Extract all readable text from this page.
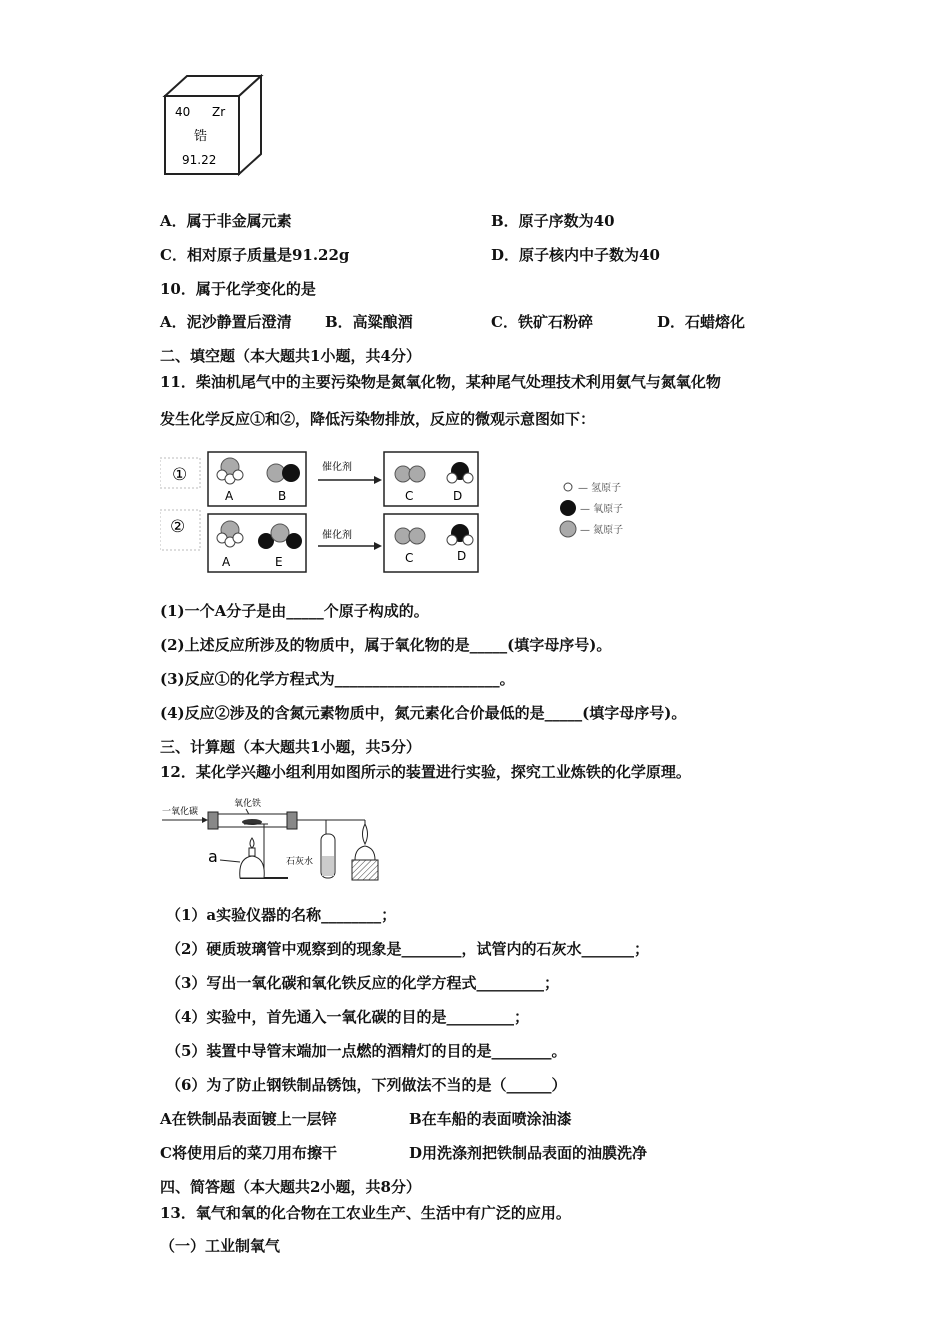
40 Zr
锆
91.22
A．属于非金属元素	B．原子序数为40
C．相对原子质量是91.22g	D．原子核内中子数为40
10．属于化学变化的是
A．泥沙静置后澄清 B．高粱酿酒	C．铁矿石粉碎	D．石蜡熔化
二、填空题（本大题共1小题，共4分）
11．柴油机尾气中的主要污染物是氮氧化物，某种尾气处理技术利用氨气与氮氧化物
发生化学反应①和②，降低污染物排放，反应的微观示意图如下：
①
②
A	B
催化剂
C	D
A	E
催化剂
C	D
— 氢原子
— 氧原子
— 氮原子
(1)一个A分子是由_____个原子构成的。
(2)上述反应所涉及的物质中，属于氧化物的是_____(填字母序号)。
(3)反应①的化学方程式为______________________。
(4)反应②涉及的含氮元素物质中，氮元素化合价最低的是_____(填字母序号)。
三、计算题（本大题共1小题，共5分）
12．某化学兴趣小组利用如图所示的装置进行实验，探究工业炼铁的化学原理。
一氧化碳
氧化铁
石灰水
a
（1）a实验仪器的名称________；
（2）硬质玻璃管中观察到的现象是________，试管内的石灰水_______；
（3）写出一氧化碳和氧化铁反应的化学方程式_________；
（4）实验中，首先通入一氧化碳的目的是_________；
（5）装置中导管末端加一点燃的酒精灯的目的是________。
（6）为了防止钢铁制品锈蚀，下列做法不当的是（______）
A在铁制品表面镀上一层锌	B在车船的表面喷涂油漆
C将使用后的菜刀用布擦干	D用洗涤剂把铁制品表面的油膜洗净
四、简答题（本大题共2小题，共8分）
13．氧气和氧的化合物在工农业生产、生活中有广泛的应用。
（一）工业制氧气
